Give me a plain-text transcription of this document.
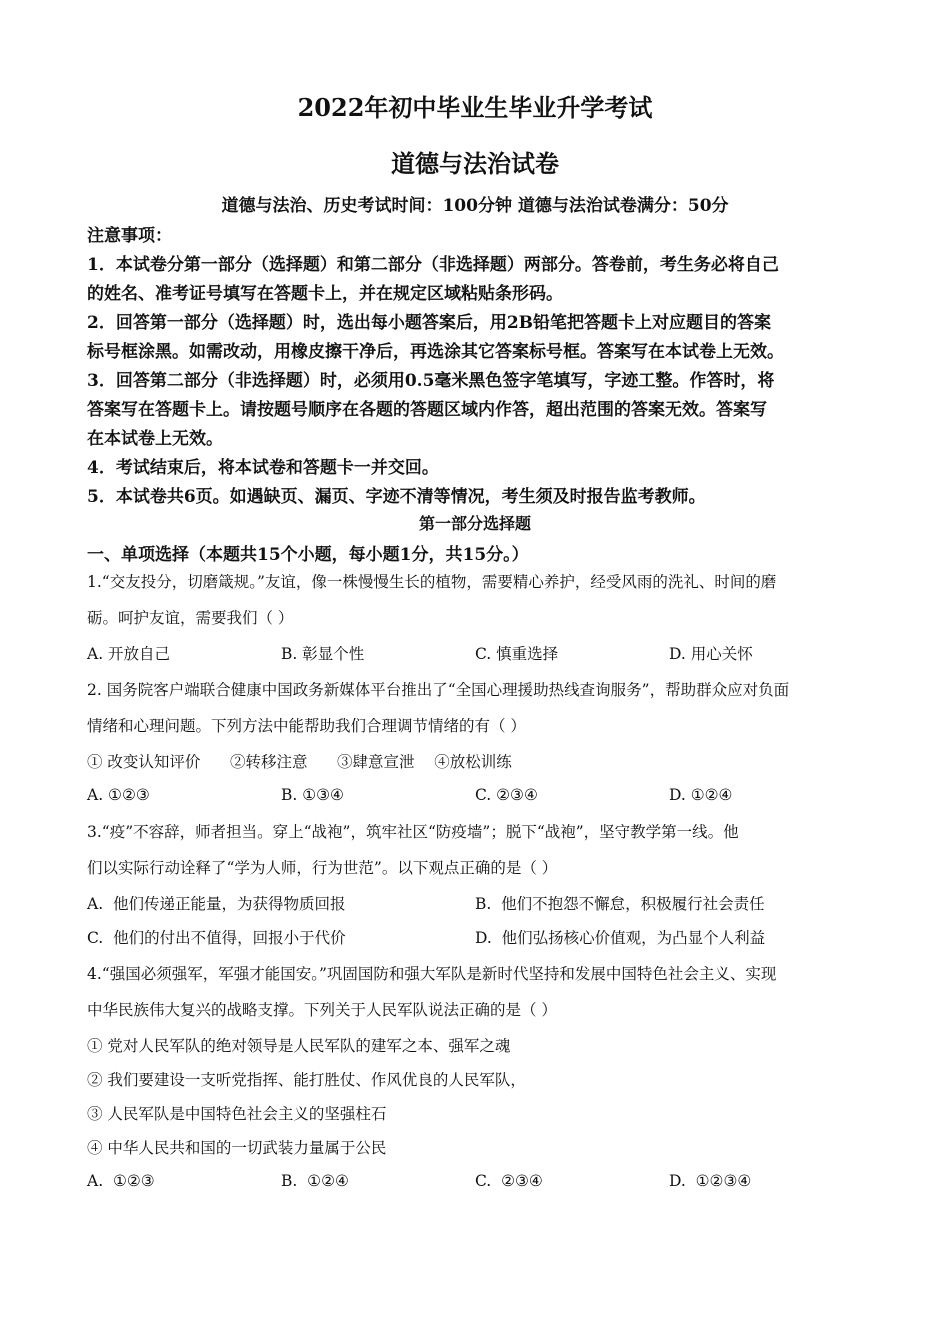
2022年初中毕业生毕业升学考试
道德与法治试卷
道德与法治、历史考试时间：100分钟 道德与法治试卷满分：50分
注意事项：
1．本试卷分第一部分（选择题）和第二部分（非选择题）两部分。答卷前，考生务必将自己
的姓名、准考证号填写在答题卡上，并在规定区域粘贴条形码。
2．回答第一部分（选择题）时，选出每小题答案后，用2B铅笔把答题卡上对应题目的答案
标号框涂黑。如需改动，用橡皮擦干净后，再选涂其它答案标号框。答案写在本试卷上无效。
3．回答第二部分（非选择题）时，必须用0.5毫米黑色签字笔填写，字迹工整。作答时，将
答案写在答题卡上。请按题号顺序在各题的答题区域内作答，超出范围的答案无效。答案写
在本试卷上无效。
4．考试结束后，将本试卷和答题卡一并交回。
5．本试卷共6页。如遇缺页、漏页、字迹不清等情况，考生须及时报告监考教师。
第一部分选择题
一、单项选择（本题共15个小题，每小题1分，共15分。）
1.“交友投分，切磨箴规。”友谊，像一株慢慢生长的植物，需要精心养护，经受风雨的洗礼、时间的磨
砺。呵护友谊，需要我们（ ）
A. 开放自己	B. 彰显个性	C. 慎重选择	D. 用心关怀
2. 国务院客户端联合健康中国政务新媒体平台推出了“全国心理援助热线查询服务”，帮助群众应对负面
情绪和心理问题。下列方法中能帮助我们合理调节情绪的有（ ）
① 改变认知评价      ②转移注意      ③肆意宣泄    ④放松训练
A. ①②③	B. ①③④	C. ②③④	D. ①②④
3.“疫”不容辞，师者担当。穿上“战袍”，筑牢社区“防疫墙”；脱下“战袍”，坚守教学第一线。他
们以实际行动诠释了“学为人师，行为世范”。以下观点正确的是（ ）
A.  他们传递正能量，为获得物质回报	B.  他们不抱怨不懈怠，积极履行社会责任
C.  他们的付出不值得，回报小于代价	D.  他们弘扬核心价值观，为凸显个人利益
4.“强国必须强军，军强才能国安。”巩固国防和强大军队是新时代坚持和发展中国特色社会主义、实现
中华民族伟大复兴的战略支撑。下列关于人民军队说法正确的是（ ）
① 党对人民军队的绝对领导是人民军队的建军之本、强军之魂
② 我们要建设一支听党指挥、能打胜仗、作风优良的人民军队，
③ 人民军队是中国特色社会主义的坚强柱石
④ 中华人民共和国的一切武装力量属于公民
A.  ①②③	B.  ①②④	C.  ②③④	D.  ①②③④
